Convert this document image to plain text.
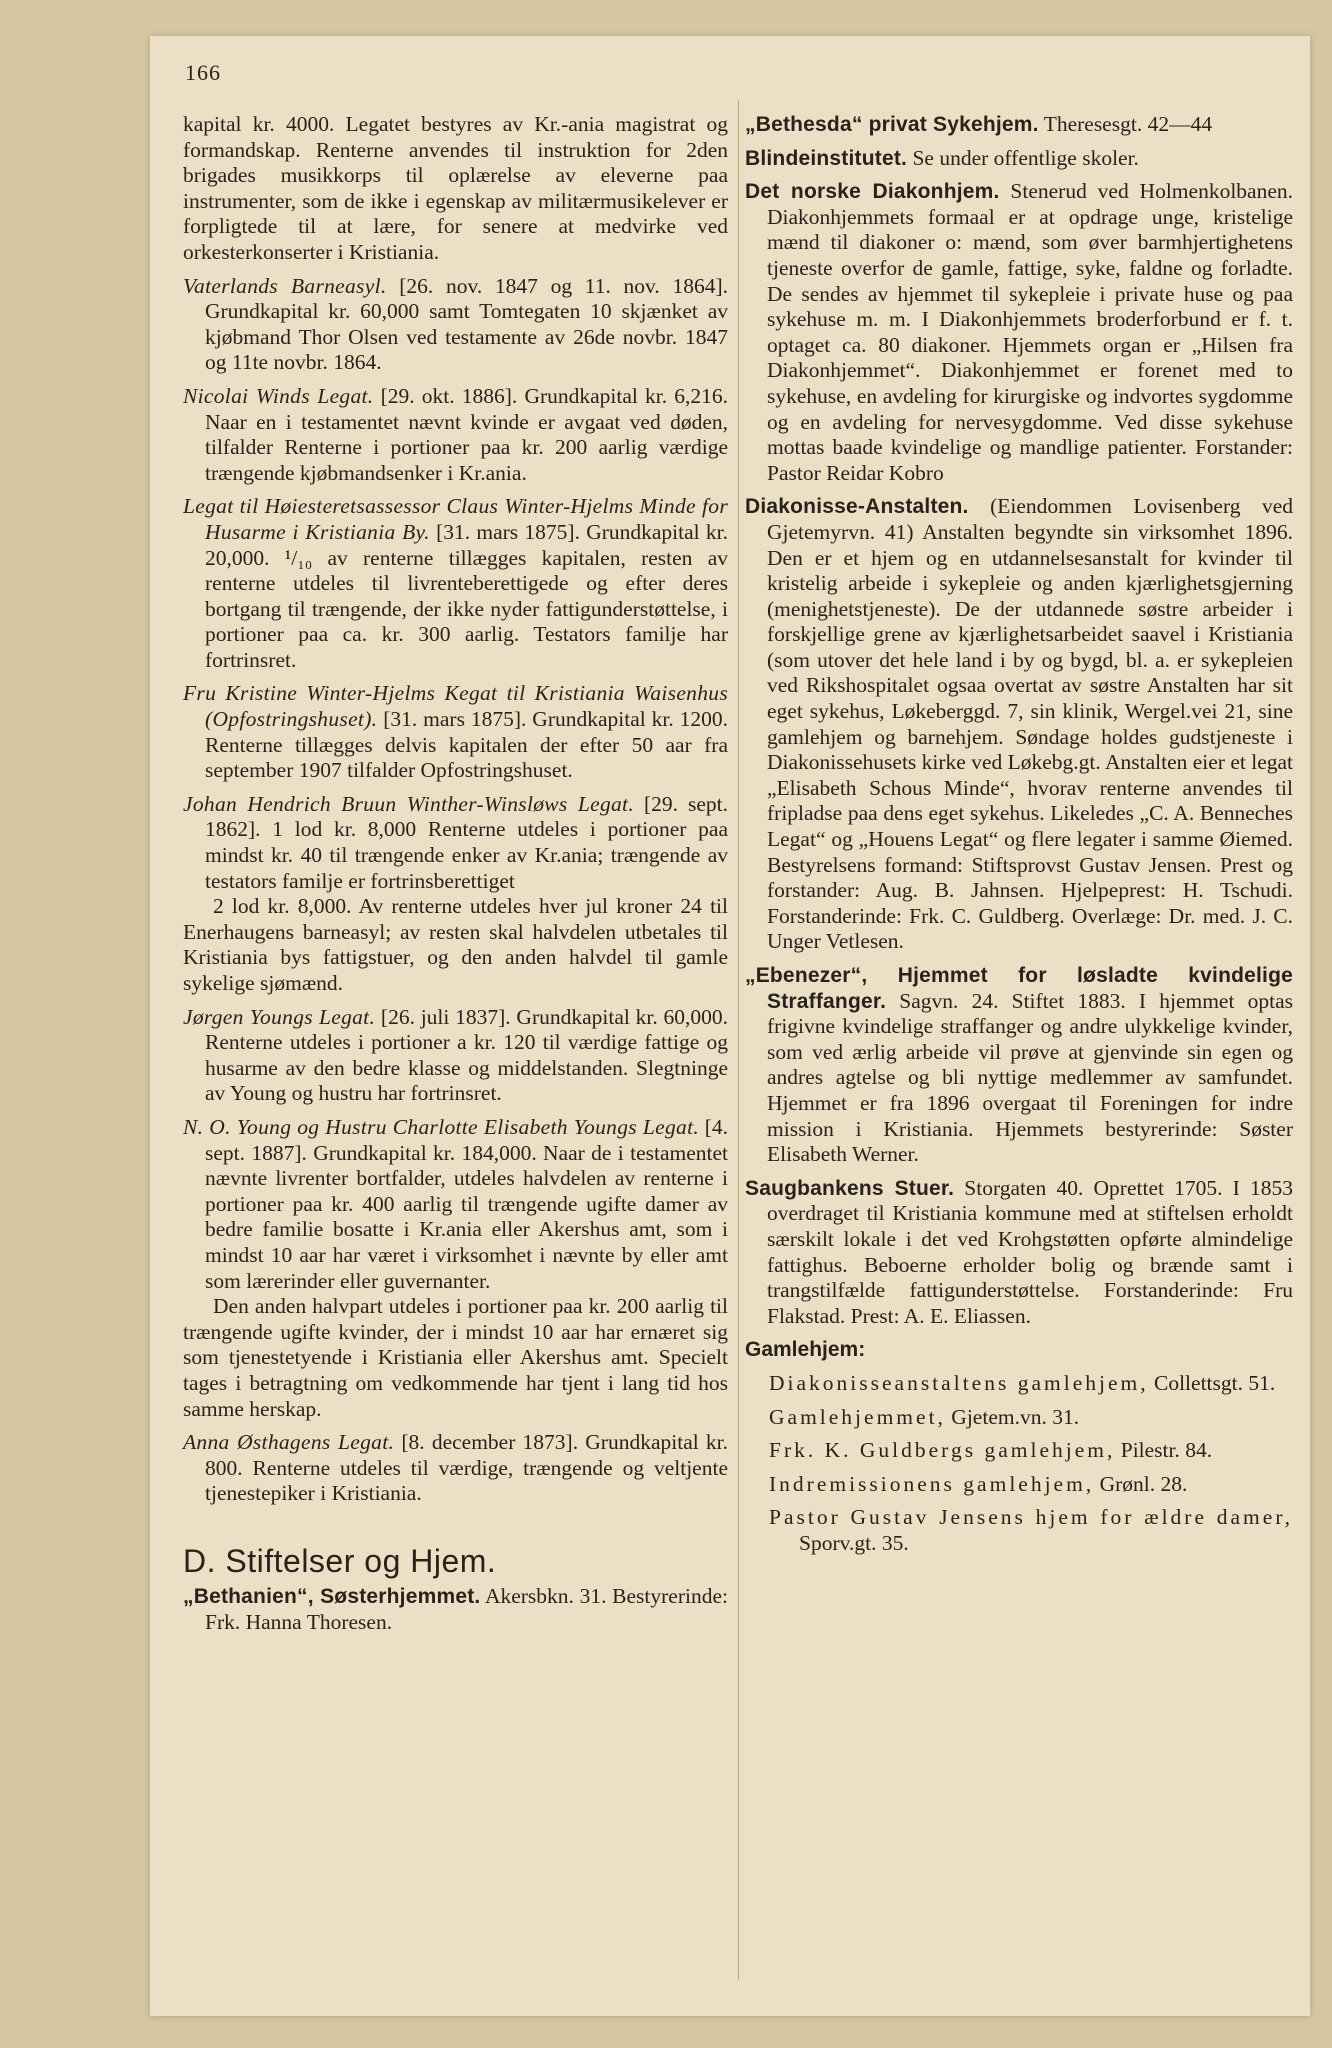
166

kapital kr. 4000. Legatet bestyres av Kr.-ania magistrat og formandskap. Renterne anvendes til instruktion for 2den brigades musikkorps til oplærelse av eleverne paa instrumenter, som de ikke i egenskap av militærmusikelever er forpligtede til at lære, for senere at medvirke ved orkesterkonserter i Kristiania.

Vaterlands Barneasyl. [26. nov. 1847 og 11. nov. 1864]. Grundkapital kr. 60,000 samt Tomtegaten 10 skjænket av kjøbmand Thor Olsen ved testamente av 26de novbr. 1847 og 11te novbr. 1864.

Nicolai Winds Legat. [29. okt. 1886]. Grundkapital kr. 6,216. Naar en i testamentet nævnt kvinde er avgaat ved døden, tilfalder Renterne i portioner paa kr. 200 aarlig værdige trængende kjøbmandsenker i Kr.ania.

Legat til Høiesteretsassessor Claus Winter-Hjelms Minde for Husarme i Kristiania By. [31. mars 1875]. Grundkapital kr. 20,000. ¹/₁₀ av renterne tillægges kapitalen, resten av renterne utdeles til livrenteberettigede og efter deres bortgang til trængende, der ikke nyder fattigunderstøttelse, i portioner paa ca. kr. 300 aarlig. Testators familje har fortrinsret.

Fru Kristine Winter-Hjelms Kegat til Kristiania Waisenhus (Opfostringshuset). [31. mars 1875]. Grundkapital kr. 1200. Renterne tillægges delvis kapitalen der efter 50 aar fra september 1907 tilfalder Opfostringshuset.

Johan Hendrich Bruun Winther-Winsløws Legat. [29. sept. 1862]. 1 lod kr. 8,000 Renterne utdeles i portioner paa mindst kr. 40 til trængende enker av Kr.ania; trængende av testators familje er fortrinsberettiget

2 lod kr. 8,000. Av renterne utdeles hver jul kroner 24 til Enerhaugens barneasyl; av resten skal halvdelen utbetales til Kristiania bys fattigstuer, og den anden halvdel til gamle sykelige sjømænd.

Jørgen Youngs Legat. [26. juli 1837]. Grundkapital kr. 60,000. Renterne utdeles i portioner a kr. 120 til værdige fattige og husarme av den bedre klasse og middelstanden. Slegtninge av Young og hustru har fortrinsret.

N. O. Young og Hustru Charlotte Elisabeth Youngs Legat. [4. sept. 1887]. Grundkapital kr. 184,000. Naar de i testamentet nævnte livrenter bortfalder, utdeles halvdelen av renterne i portioner paa kr. 400 aarlig til trængende ugifte damer av bedre familie bosatte i Kr.ania eller Akershus amt, som i mindst 10 aar har været i virksomhet i nævnte by eller amt som lærerinder eller guvernanter.

Den anden halvpart utdeles i portioner paa kr. 200 aarlig til trængende ugifte kvinder, der i mindst 10 aar har ernæret sig som tjenestetyende i Kristiania eller Akershus amt. Specielt tages i betragtning om vedkommende har tjent i lang tid hos samme herskap.

Anna Østhagens Legat. [8. december 1873]. Grundkapital kr. 800. Renterne utdeles til værdige, trængende og veltjente tjenestepiker i Kristiania.

D. Stiftelser og Hjem.

„Bethanien“, Søsterhjemmet. Akersbkn. 31. Bestyrerinde: Frk. Hanna Thoresen.

„Bethesda“ privat Sykehjem. Theresesgt. 42—44

Blindeinstitutet. Se under offentlige skoler.

Det norske Diakonhjem. Stenerud ved Holmenkolbanen. Diakonhjemmets formaal er at opdrage unge, kristelige mænd til diakoner o: mænd, som øver barmhjertighetens tjeneste overfor de gamle, fattige, syke, faldne og forladte. De sendes av hjemmet til sykepleie i private huse og paa sykehuse m. m. I Diakonhjemmets broderforbund er f. t. optaget ca. 80 diakoner. Hjemmets organ er „Hilsen fra Diakonhjemmet“. Diakonhjemmet er forenet med to sykehuse, en avdeling for kirurgiske og indvortes sygdomme og en avdeling for nervesygdomme. Ved disse sykehuse mottas baade kvindelige og mandlige patienter. Forstander: Pastor Reidar Kobro

Diakonisse-Anstalten. (Eiendommen Lovisenberg ved Gjetemyrvn. 41) Anstalten begyndte sin virksomhet 1896. Den er et hjem og en utdannelsesanstalt for kvinder til kristelig arbeide i sykepleie og anden kjærlighetsgjerning (menighetstjeneste). De der utdannede søstre arbeider i forskjellige grene av kjærlighetsarbeidet saavel i Kristiania (som utover det hele land i by og bygd, bl. a. er sykepleien ved Rikshospitalet ogsaa overtat av søstre Anstalten har sit eget sykehus, Løkeberggd. 7, sin klinik, Wergel.vei 21, sine gamlehjem og barnehjem. Søndage holdes gudstjeneste i Diakonissehusets kirke ved Løkebg.gt. Anstalten eier et legat „Elisabeth Schous Minde“, hvorav renterne anvendes til fripladse paa dens eget sykehus. Likeledes „C. A. Benneches Legat“ og „Houens Legat“ og flere legater i samme Øiemed. Bestyrelsens formand: Stiftsprovst Gustav Jensen. Prest og forstander: Aug. B. Jahnsen. Hjelpeprest: H. Tschudi. Forstanderinde: Frk. C. Guldberg. Overlæge: Dr. med. J. C. Unger Vetlesen.

„Ebenezer“, Hjemmet for løsladte kvindelige Straffanger. Sagvn. 24. Stiftet 1883. I hjemmet optas frigivne kvindelige straffanger og andre ulykkelige kvinder, som ved ærlig arbeide vil prøve at gjenvinde sin egen og andres agtelse og bli nyttige medlemmer av samfundet. Hjemmet er fra 1896 overgaat til Foreningen for indre mission i Kristiania. Hjemmets bestyrerinde: Søster Elisabeth Werner.

Saugbankens Stuer. Storgaten 40. Oprettet 1705. I 1853 overdraget til Kristiania kommune med at stiftelsen erholdt særskilt lokale i det ved Krohgstøtten opførte almindelige fattighus. Beboerne erholder bolig og brænde samt i trangstilfælde fattigunderstøttelse. Forstanderinde: Fru Flakstad. Prest: A. E. Eliassen.

Gamlehjem:

Diakonisseanstaltens gamlehjem, Collettsgt. 51.

Gamlehjemmet, Gjetem.vn. 31.

Frk. K. Guldbergs gamlehjem, Pilestr. 84.

Indremissionens gamlehjem, Grønl. 28.

Pastor Gustav Jensens hjem for ældre damer, Sporv.gt. 35.
